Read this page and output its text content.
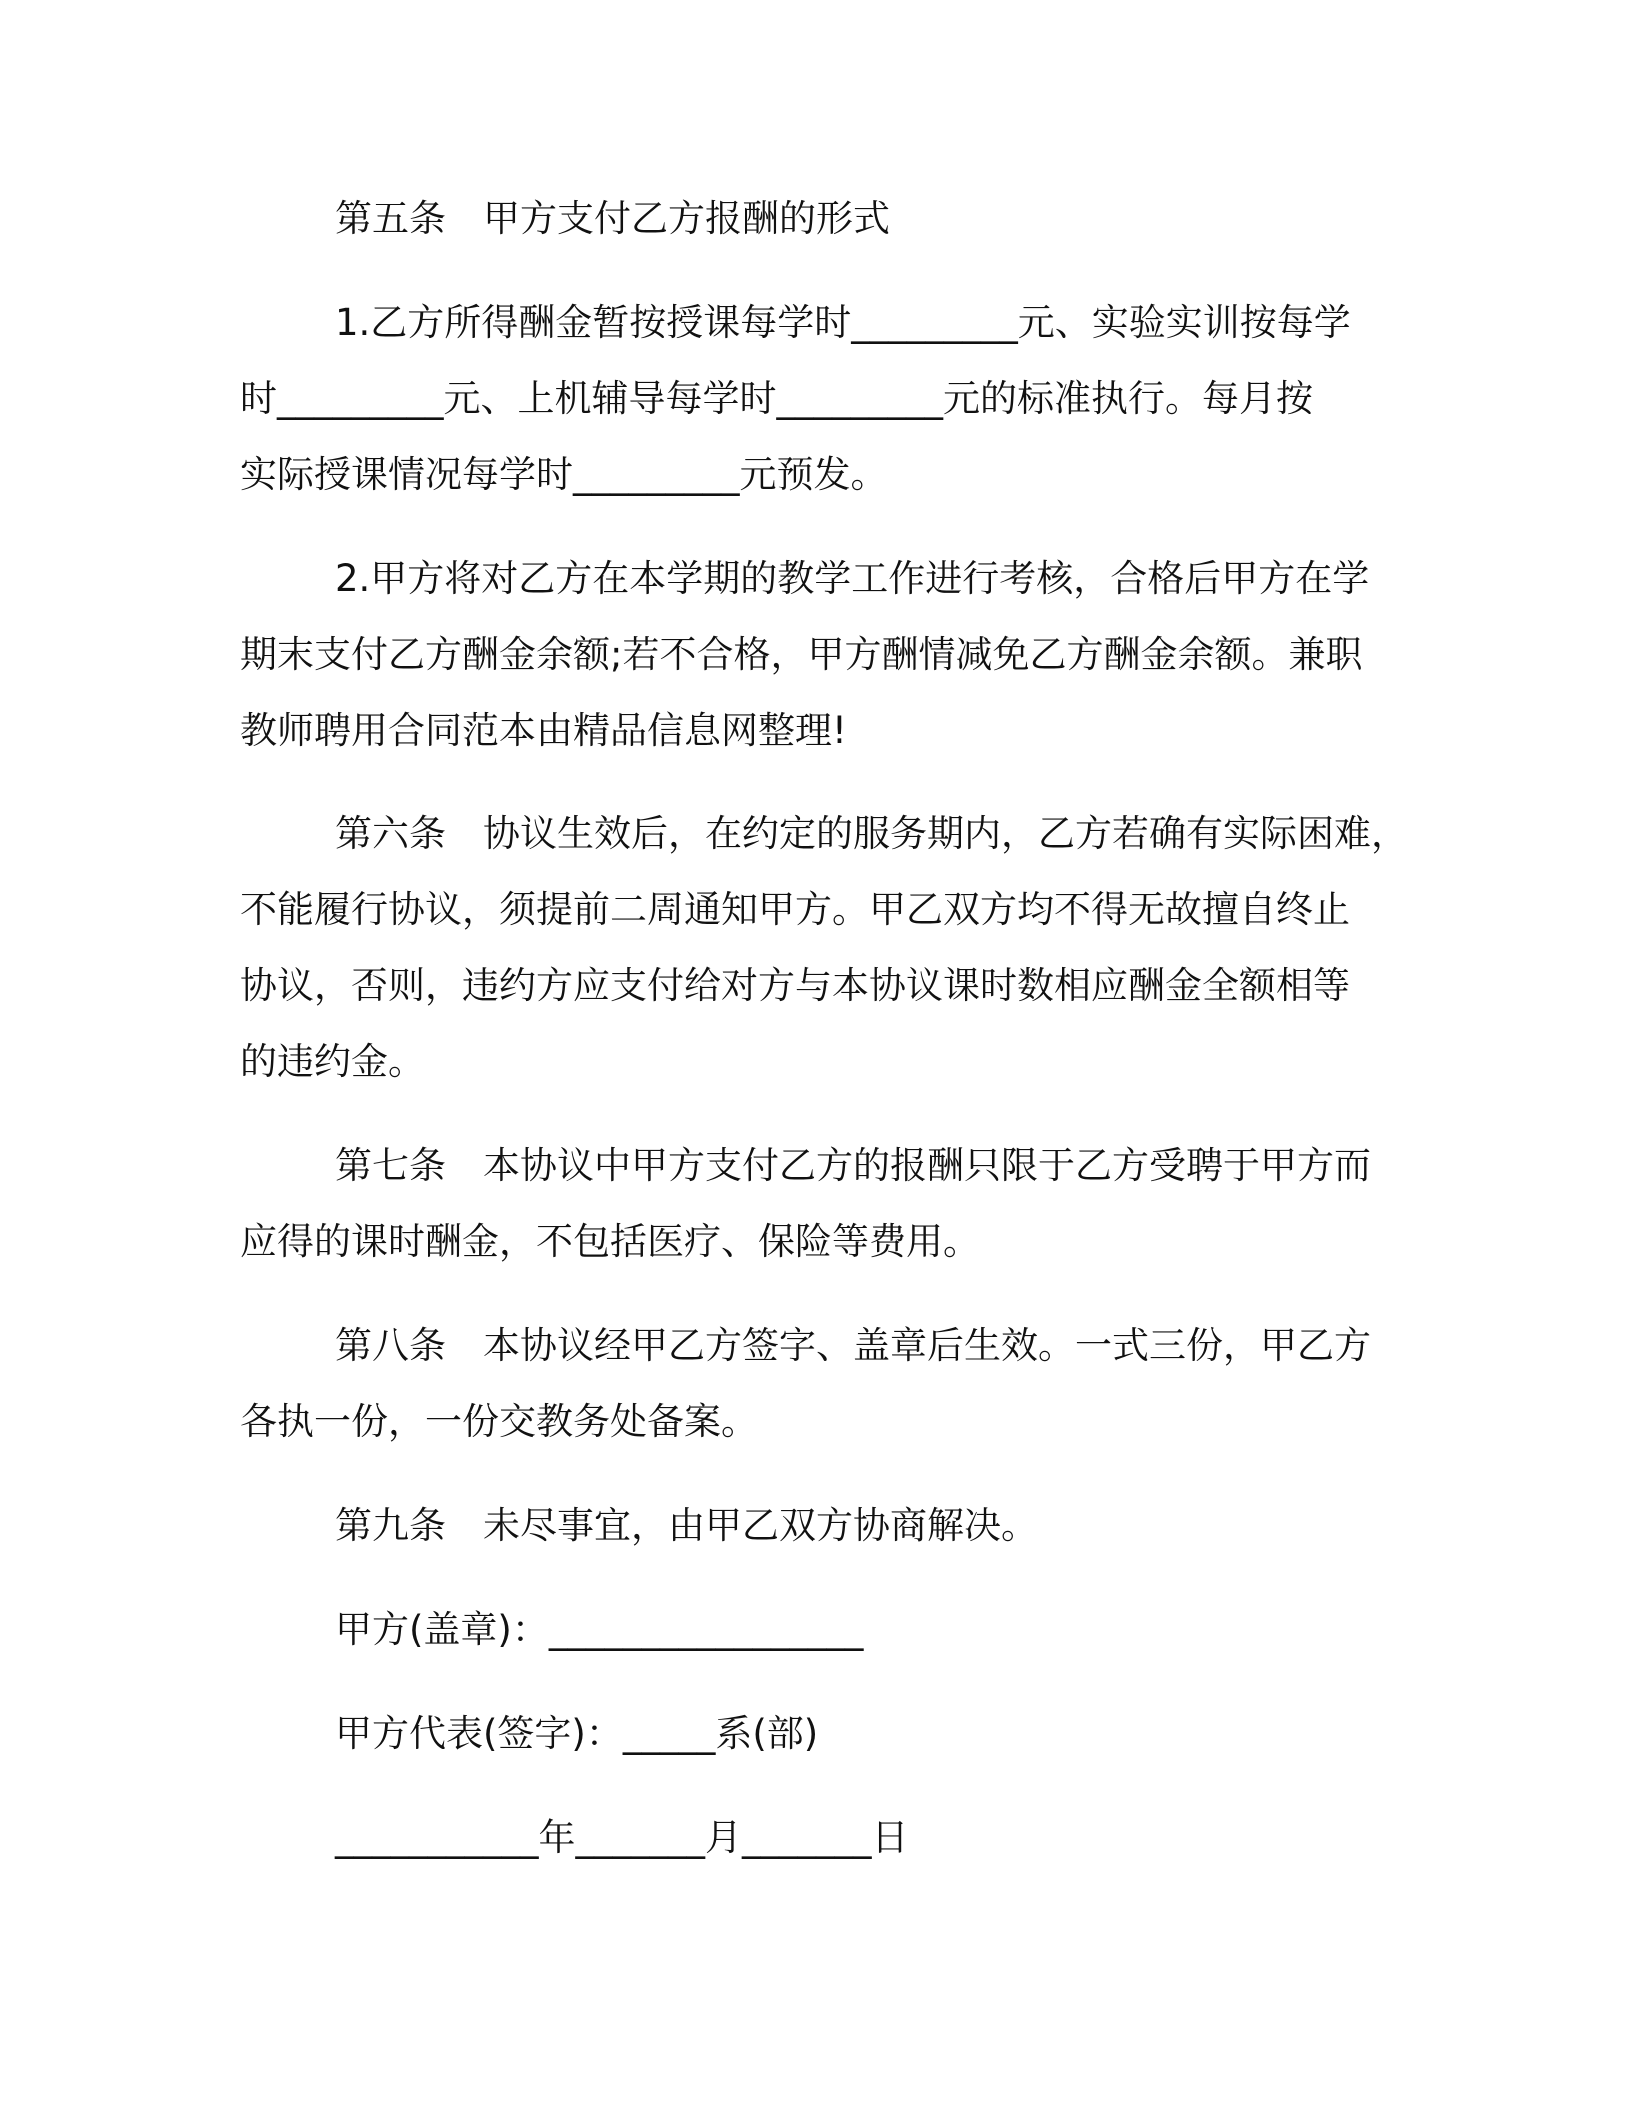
第五条　甲方支付乙方报酬的形式
1.乙方所得酬金暂按授课每学时_________元、实验实训按每学
时_________元、上机辅导每学时_________元的标准执行。每月按
实际授课情况每学时_________元预发。
2.甲方将对乙方在本学期的教学工作进行考核，合格后甲方在学
期末支付乙方酬金余额;若不合格，甲方酬情减免乙方酬金余额。兼职
教师聘用合同范本由精品信息网整理!
第六条　协议生效后，在约定的服务期内，乙方若确有实际困难，
不能履行协议，须提前二周通知甲方。甲乙双方均不得无故擅自终止
协议，否则，违约方应支付给对方与本协议课时数相应酬金全额相等
的违约金。
第七条　本协议中甲方支付乙方的报酬只限于乙方受聘于甲方而
应得的课时酬金，不包括医疗、保险等费用。
第八条　本协议经甲乙方签字、盖章后生效。一式三份，甲乙方
各执一份，一份交教务处备案。
第九条　未尽事宜，由甲乙双方协商解决。
甲方(盖章)：_________________
甲方代表(签字)：_____系(部)
___________年_______月_______日
